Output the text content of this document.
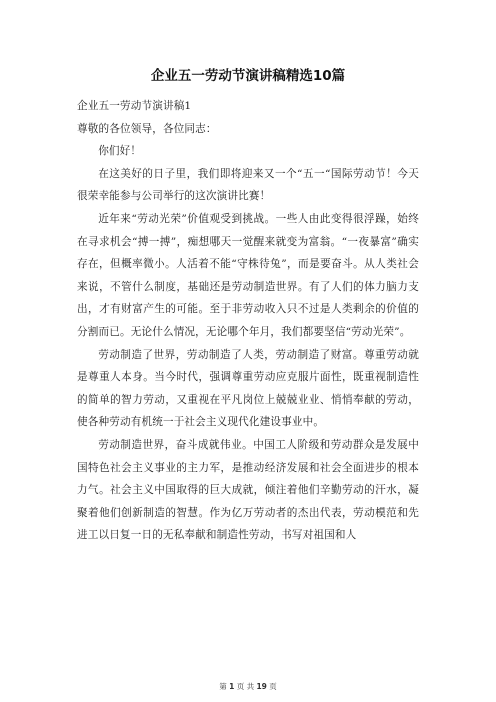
企业五一劳动节演讲稿精选10篇

企业五一劳动节演讲稿1

尊敬的各位领导，各位同志：

你们好！

在这美好的日子里，我们即将迎来又一个“五一“国际劳动节！今天很荣幸能参与公司举行的这次演讲比赛！

近年来“劳动光荣”价值观受到挑战。一些人由此变得很浮躁，始终在寻求机会“搏一搏”，痴想哪天一觉醒来就变为富翁。“一夜暴富”确实存在，但概率微小。人活着不能“守株待兔”，而是要奋斗。从人类社会来说，不管什么制度，基础还是劳动制造世界。有了人们的体力脑力支出，才有财富产生的可能。至于非劳动收入只不过是人类剩余的价值的分割而已。无论什么情况，无论哪个年月，我们都要坚信“劳动光荣”。

劳动制造了世界，劳动制造了人类，劳动制造了财富。尊重劳动就是尊重人本身。当今时代，强调尊重劳动应克服片面性，既重视制造性的简单的智力劳动，又重视在平凡岗位上兢兢业业、悄悄奉献的劳动，使各种劳动有机统一于社会主义现代化建设事业中。

劳动制造世界，奋斗成就伟业。中国工人阶级和劳动群众是发展中国特色社会主义事业的主力军，是推动经济发展和社会全面进步的根本力气。社会主义中国取得的巨大成就，倾注着他们辛勤劳动的汗水，凝聚着他们创新制造的智慧。作为亿万劳动者的杰出代表，劳动模范和先进工以日复一日的无私奉献和制造性劳动，书写对祖国和人

第 1 页 共 19 页
